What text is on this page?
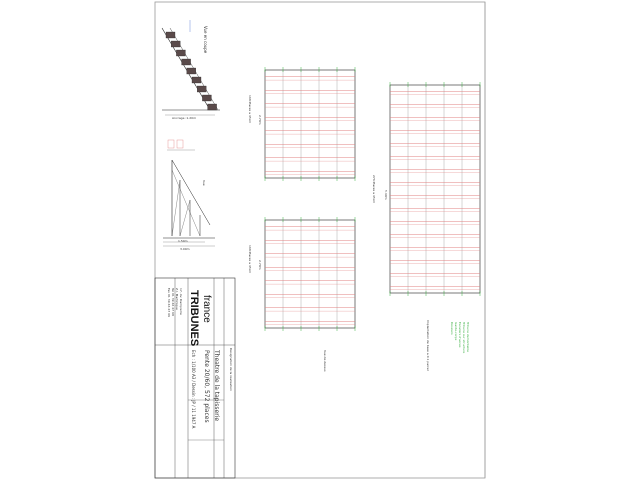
Vue en coupe
Ancrage :1.20m
Vue
1.50m
3.00m
168 Places a 45cm 2.70m
168 Places a 45cm 2.70m
276 Places a 45cm	5.40m
Vue de dessus	Implantation de base a 0.1 parcel	Tribune demontable
Tribune sur structure
Escaliers d'acces
Garde-corps
Dossiers
france
TRIBUNES
17, Av. Dampierre
Z.I. Martinique
Tel 01 39 46 47 68
Fax 01 39 46 47 69
Designation de la realisation
Theatre de la tapisserie
Pente 20/60, 572 places
Ech : 1/100 A3 / Dessin : JP / 11 1947 A
